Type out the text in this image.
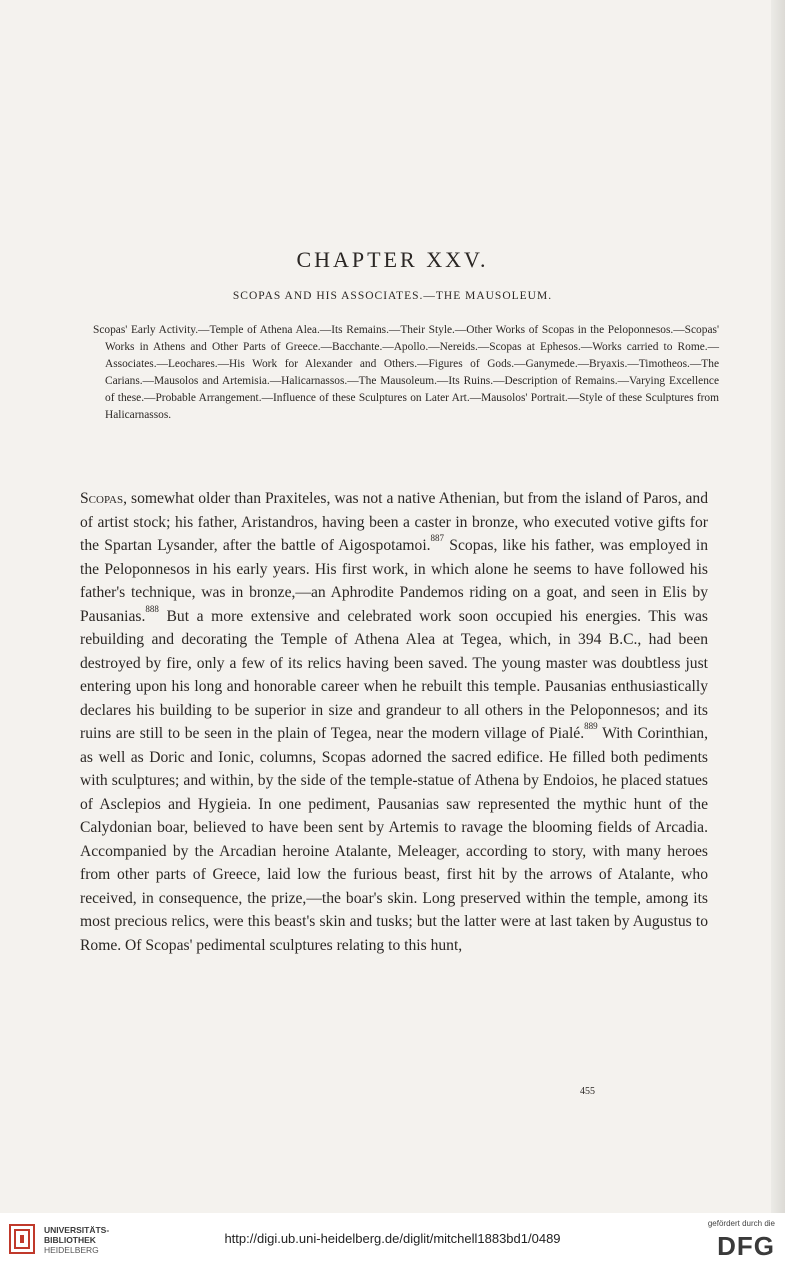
CHAPTER XXV.

SCOPAS AND HIS ASSOCIATES.—THE MAUSOLEUM.

Scopas' Early Activity.—Temple of Athena Alea.—Its Remains.—Their Style.—Other Works of Scopas in the Peloponnesos.—Scopas' Works in Athens and Other Parts of Greece.—Bacchante.—Apollo.—Nereids.—Scopas at Ephesos.—Works carried to Rome.—Associates.—Leochares.—His Work for Alexander and Others.—Figures of Gods.—Ganymede.—Bryaxis.—Timotheos.—The Carians.—Mausolos and Artemisia.—Halicarnassos.—The Mausoleum.—Its Ruins.—Description of Remains.—Varying Excellence of these.—Probable Arrangement.—Influence of these Sculptures on Later Art.—Mausolos' Portrait.—Style of these Sculptures from Halicarnassos.

Scopas, somewhat older than Praxiteles, was not a native Athenian, but from the island of Paros, and of artist stock; his father, Aristandros, having been a caster in bronze, who executed votive gifts for the Spartan Lysander, after the battle of Aigospotamoi.$^{887}$ Scopas, like his father, was employed in the Peloponnesos in his early years. His first work, in which alone he seems to have followed his father's technique, was in bronze,—an Aphrodite Pandemos riding on a goat, and seen in Elis by Pausanias.$^{888}$ But a more extensive and celebrated work soon occupied his energies. This was rebuilding and decorating the Temple of Athena Alea at Tegea, which, in 394 B.C., had been destroyed by fire, only a few of its relics having been saved. The young master was doubtless just entering upon his long and honorable career when he rebuilt this temple. Pausanias enthusiastically declares his building to be superior in size and grandeur to all others in the Peloponnesos; and its ruins are still to be seen in the plain of Tegea, near the modern village of Pialé.$^{889}$ With Corinthian, as well as Doric and Ionic, columns, Scopas adorned the sacred edifice. He filled both pediments with sculptures; and within, by the side of the temple-statue of Athena by Endoios, he placed statues of Asclepios and Hygieia. In one pediment, Pausanias saw represented the mythic hunt of the Calydonian boar, believed to have been sent by Artemis to ravage the blooming fields of Arcadia. Accompanied by the Arcadian heroine Atalante, Meleager, according to story, with many heroes from other parts of Greece, laid low the furious beast, first hit by the arrows of Atalante, who received, in consequence, the prize,—the boar's skin. Long preserved within the temple, among its most precious relics, were this beast's skin and tusks; but the latter were at last taken by Augustus to Rome. Of Scopas' pedimental sculptures relating to this hunt,

455

UNIVERSITÄTS-

BIBLIOTHEK

HEIDELBERG

http://digi.ub.uni-heidelberg.de/diglit/mitchell1883bd1/0489

gefördert durch die

DFG
